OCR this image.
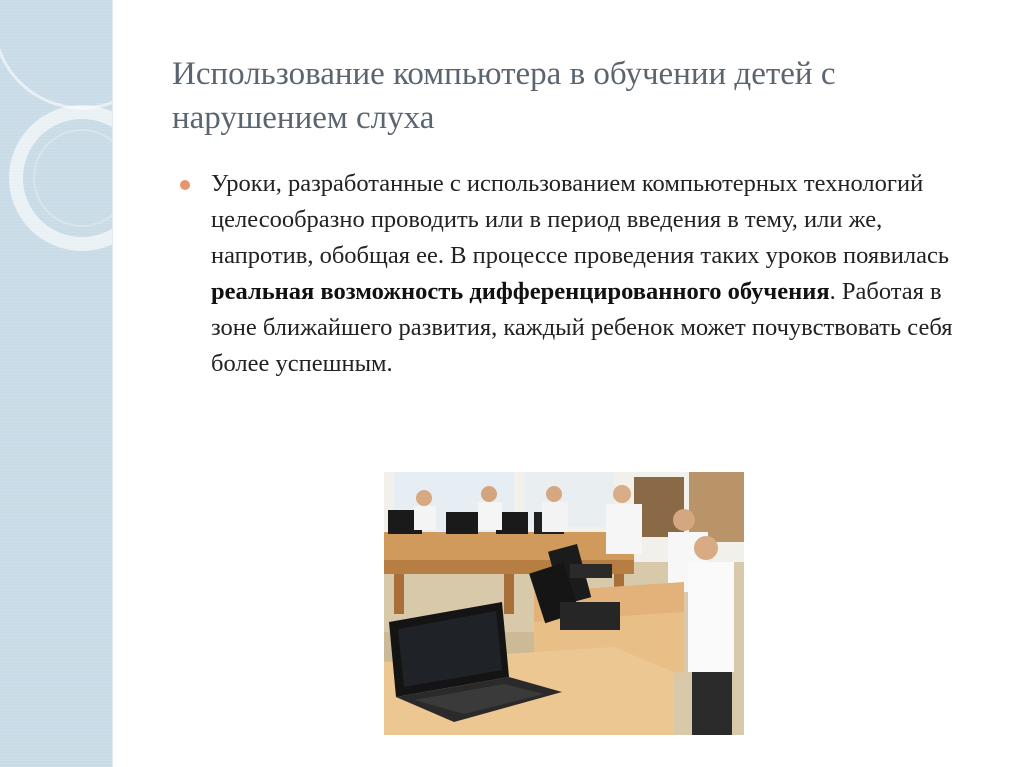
Использование компьютера в обучении детей с нарушением слуха
Уроки, разработанные с использованием компьютерных технологий целесообразно проводить или в период введения в тему, или же, напротив, обобщая ее. В процессе проведения таких уроков появилась реальная возможность дифференцированного обучения. Работая в зоне ближайшего развития, каждый ребенок может почувствовать себя более успешным.
